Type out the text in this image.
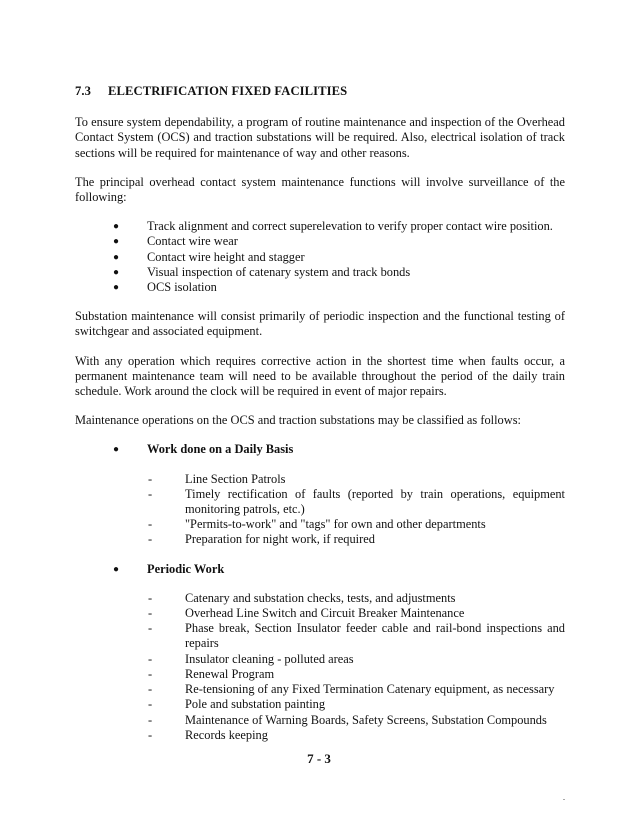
7.3 ELECTRIFICATION FIXED FACILITIES

To ensure system dependability, a program of routine maintenance and inspection of the Overhead Contact System (OCS) and traction substations will be required. Also, electrical isolation of track sections will be required for maintenance of way and other reasons.

The principal overhead contact system maintenance functions will involve surveillance of the following:

● Track alignment and correct superelevation to verify proper contact wire position.
● Contact wire wear
● Contact wire height and stagger
● Visual inspection of catenary system and track bonds
● OCS isolation

Substation maintenance will consist primarily of periodic inspection and the functional testing of switchgear and associated equipment.

With any operation which requires corrective action in the shortest time when faults occur, a permanent maintenance team will need to be available throughout the period of the daily train schedule. Work around the clock will be required in event of major repairs.

Maintenance operations on the OCS and traction substations may be classified as follows:

● Work done on a Daily Basis
-	Line Section Patrols
-	Timely rectification of faults (reported by train operations, equipment monitoring patrols, etc.)
-	"Permits-to-work" and "tags" for own and other departments
-	Preparation for night work, if required
● Periodic Work
-	Catenary and substation checks, tests, and adjustments
-	Overhead Line Switch and Circuit Breaker Maintenance
-	Phase break, Section Insulator feeder cable and rail-bond inspections and repairs
-	Insulator cleaning - polluted areas
-	Renewal Program
-	Re-tensioning of any Fixed Termination Catenary equipment, as necessary
-	Pole and substation painting
-	Maintenance of Warning Boards, Safety Screens, Substation Compounds
-	Records keeping
7 - 3
.
